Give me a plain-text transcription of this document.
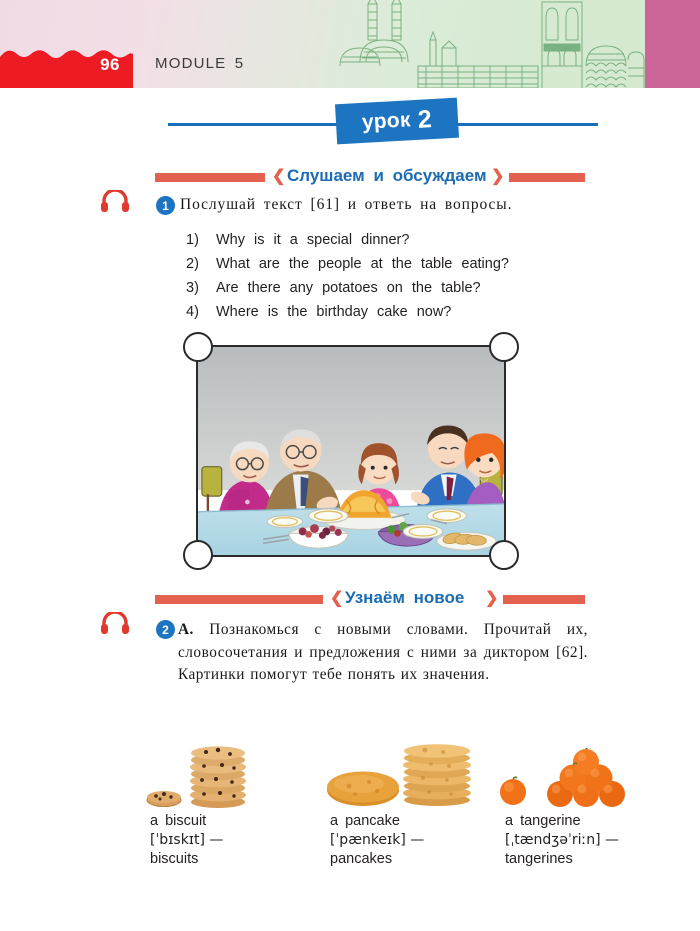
96 MODULE 5
урок 2
❮ Слушаем и обсуждаем ❯
1 Послушай текст [61] и ответь на вопросы.
1)	Why is it a special dinner?
2)	What are the people at the table eating?
3)	Are there any potatoes on the table?
4)	Where is the birthday cake now?
❮ Узнаём новое ❯
2 А. Познакомься с новыми словами. Прочитай их, словосочетания и предложения с ними за диктором [62]. Картинки помогут тебе понять их значения.
a biscuit
[ˈbɪskɪt] —
biscuits
a pancake
[ˈpænkeɪk] —
pancakes
a tangerine
[ˌtændʒəˈriːn] —
tangerines
